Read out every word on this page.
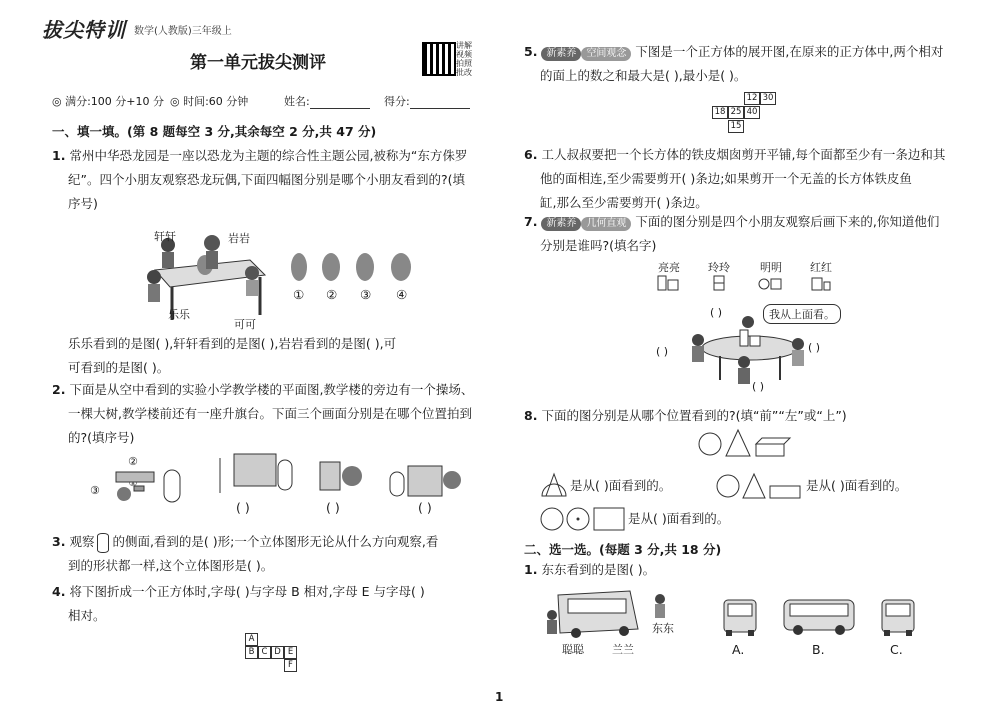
拔尖特训 数学(人教版)三年级上
第一单元拔尖测评
讲解视频 拍照批改
◎ 满分:100 分+10 分 ◎ 时间:60 分钟	姓名:	得分:
一、填一填。(第 8 题每空 3 分,其余每空 2 分,共 47 分)
1. 常州中华恐龙园是一座以恐龙为主题的综合性主题公园,被称为“东方侏罗
纪”。四个小朋友观察恐龙玩偶,下面四幅图分别是哪个小朋友看到的?(填
序号)
轩轩	岩岩
乐乐
可可
① ② ③ ④
乐乐看到的是图( ),轩轩看到的是图( ),岩岩看到的是图( ),可
可看到的是图( )。
2. 下面是从空中看到的实验小学教学楼的平面图,教学楼的旁边有一个操场、
一棵大树,教学楼前还有一座升旗台。下面三个画面分别是在哪个位置拍到
的?(填序号)
②
③
( )	( )	( )
3. 观察 的侧面,看到的是( )形;一个立体图形无论从什么方向观察,看
到的形状都一样,这个立体图形是( )。
4. 将下图折成一个正方体时,字母( )与字母 B 相对,字母 E 与字母( )
相对。
A
B C D E
F
5. 新素养 空间观念 下图是一个正方体的展开图,在原来的正方体中,两个相对
的面上的数之和最大是( ),最小是( )。
12 30
18 25 40
15
6. 工人叔叔要把一个长方体的铁皮烟囱剪开平铺,每个面都至少有一条边和其
他的面相连,至少需要剪开( )条边;如果剪开一个无盖的长方体铁皮鱼
缸,那么至少需要剪开( )条边。
7. 新素养 几何直观 下面的图分别是四个小朋友观察后画下来的,你知道他们
分别是谁吗?(填名字)
亮亮	玲玲	明明	红红
我从上面看。
( )
( )	( )
( )
8. 下面的图分别是从哪个位置看到的?(填“前”“左”或“上”)
是从( )面看到的。	是从( )面看到的。
是从( )面看到的。
二、选一选。(每题 3 分,共 18 分)
1. 东东看到的是图( )。
聪聪	兰兰
东东
A.	B.	C.
1
